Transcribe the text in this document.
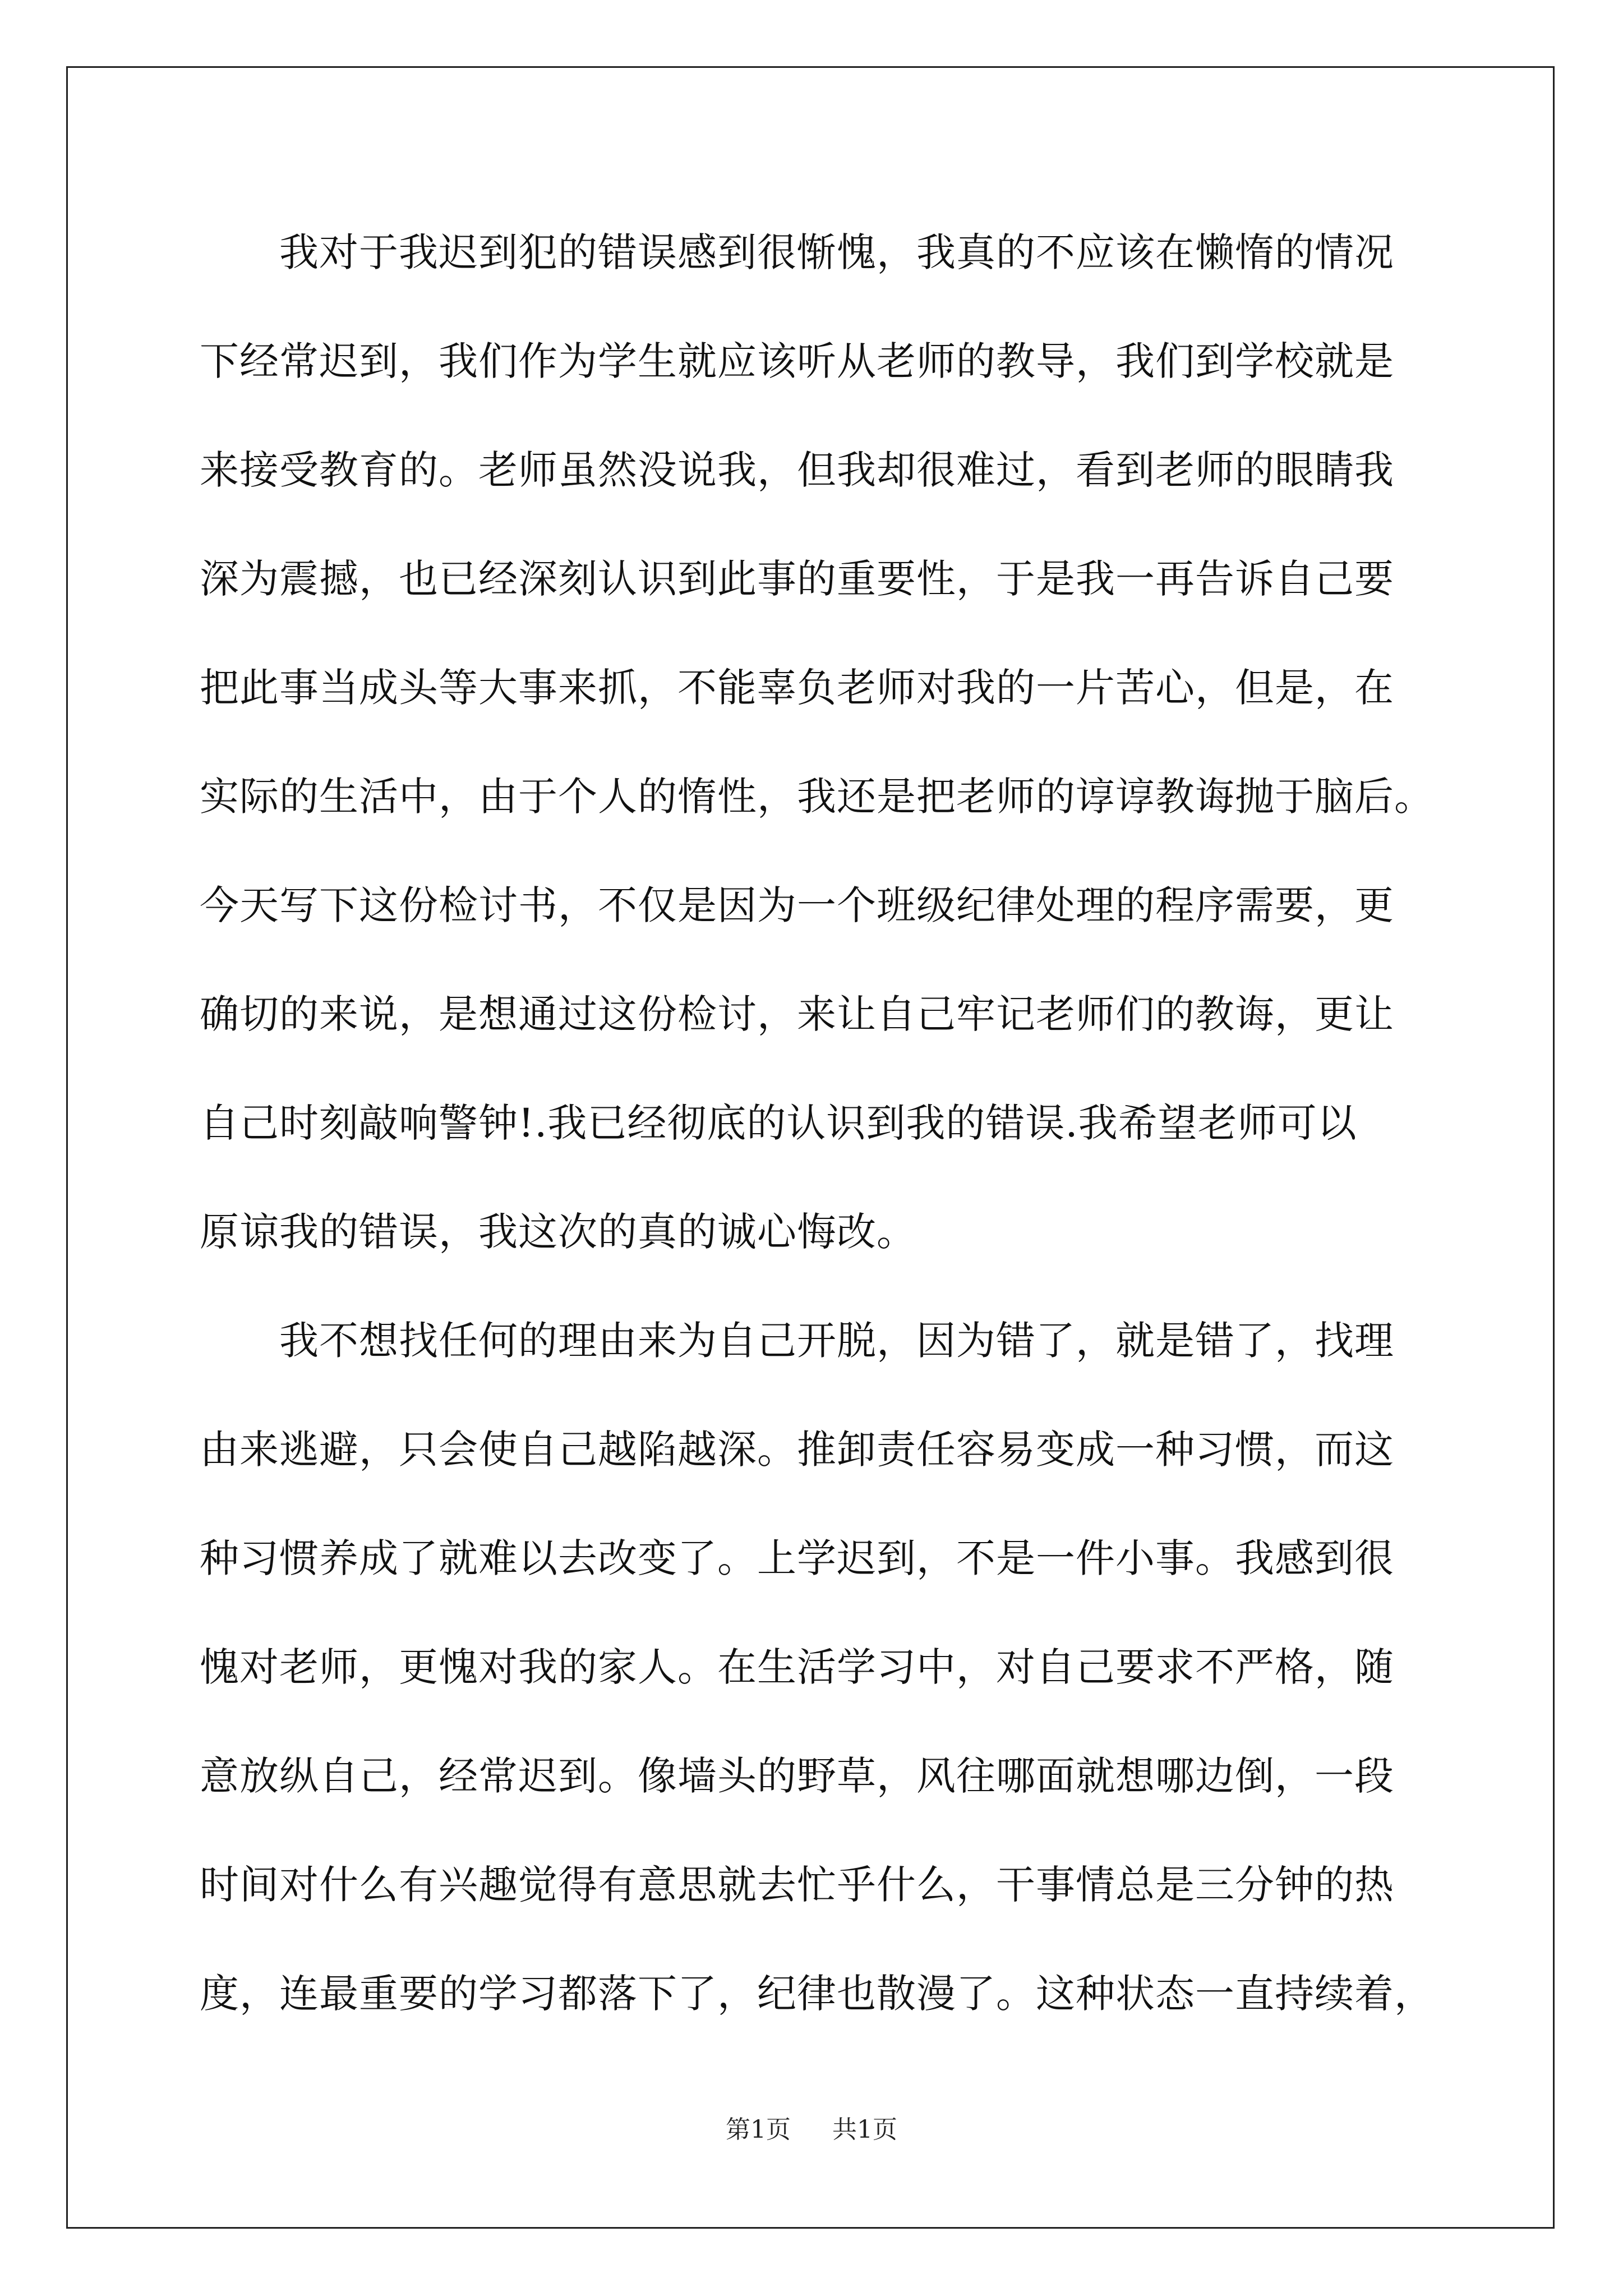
　　我对于我迟到犯的错误感到很惭愧，我真的不应该在懒惰的情况
下经常迟到，我们作为学生就应该听从老师的教导，我们到学校就是
来接受教育的。老师虽然没说我，但我却很难过，看到老师的眼睛我
深为震撼，也已经深刻认识到此事的重要性，于是我一再告诉自己要
把此事当成头等大事来抓，不能辜负老师对我的一片苦心，但是，在
实际的生活中，由于个人的惰性，我还是把老师的谆谆教诲抛于脑后。
今天写下这份检讨书，不仅是因为一个班级纪律处理的程序需要，更
确切的来说，是想通过这份检讨，来让自己牢记老师们的教诲，更让
自己时刻敲响警钟!.我已经彻底的认识到我的错误.我希望老师可以
原谅我的错误，我这次的真的诚心悔改。
　　我不想找任何的理由来为自己开脱，因为错了，就是错了，找理
由来逃避，只会使自己越陷越深。推卸责任容易变成一种习惯，而这
种习惯养成了就难以去改变了。上学迟到，不是一件小事。我感到很
愧对老师，更愧对我的家人。在生活学习中，对自己要求不严格，随
意放纵自己，经常迟到。像墙头的野草，风往哪面就想哪边倒，一段
时间对什么有兴趣觉得有意思就去忙乎什么，干事情总是三分钟的热
度，连最重要的学习都落下了，纪律也散漫了。这种状态一直持续着，
第1页 共1页
